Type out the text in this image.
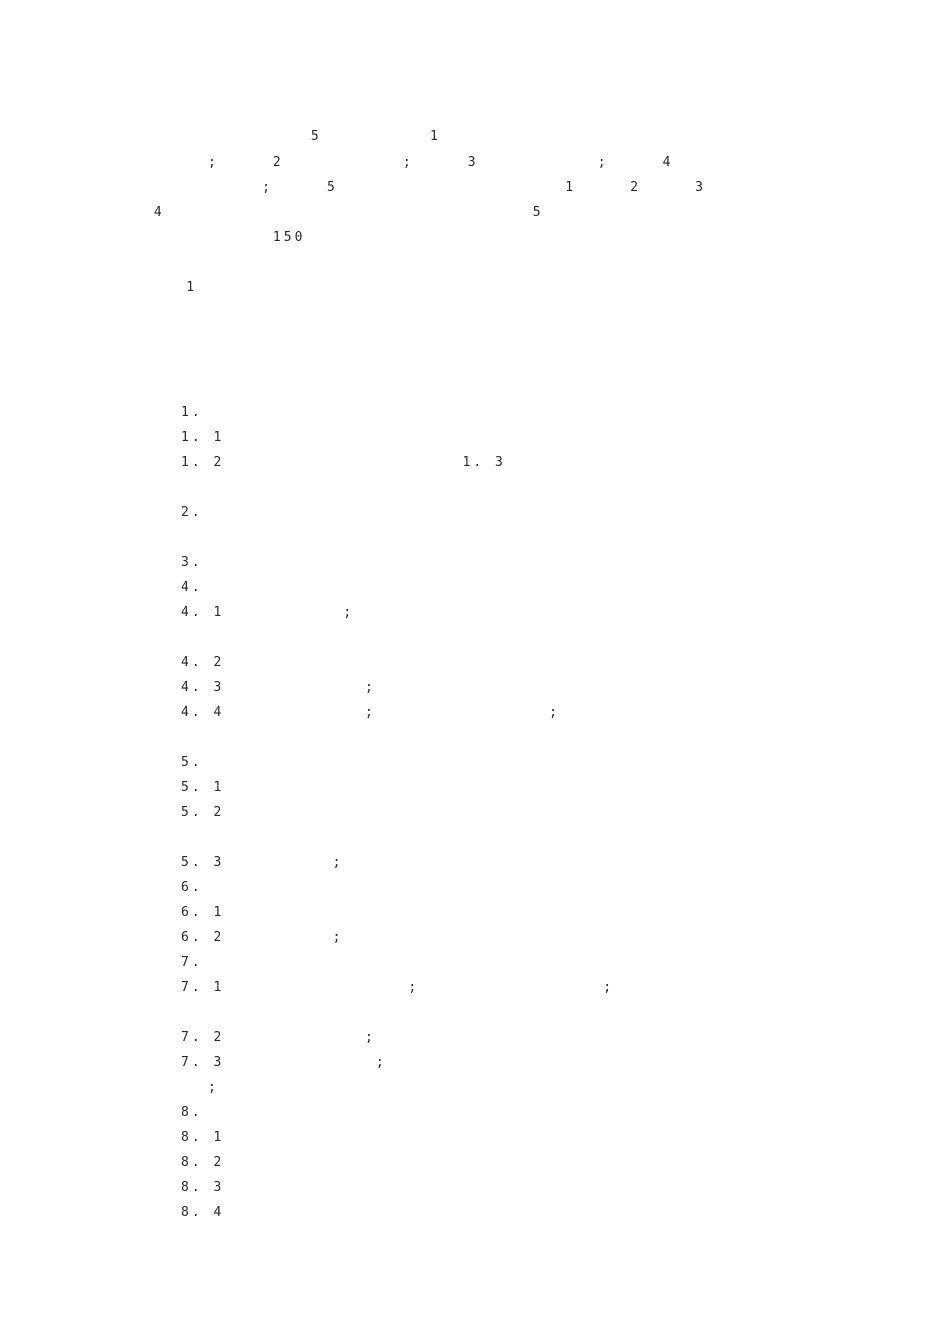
5          1
;     2           ;     3           ;     4
;     5                     1     2     3
4                                  5
150
1

1.
1. 1
1. 2                      1. 3

2.

3.
4.
4. 1           ;

4. 2
4. 3             ;
4. 4             ;                ;

5.
5. 1
5. 2

5. 3          ;
6.
6. 1
6. 2          ;
7.
7. 1                 ;                 ;

7. 2             ;
7. 3              ;
;
8.
8. 1
8. 2
8. 3
8. 4
